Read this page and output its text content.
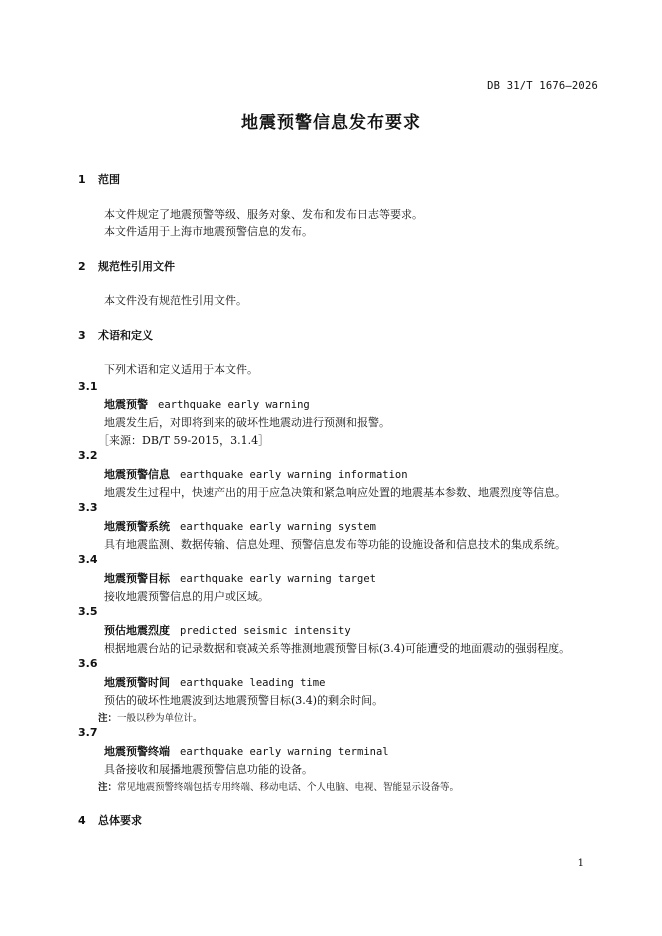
DB 31/T 1676—2026
地震预警信息发布要求
1 范围
本文件规定了地震预警等级、服务对象、发布和发布日志等要求。
本文件适用于上海市地震预警信息的发布。
2 规范性引用文件
本文件没有规范性引用文件。
3 术语和定义
下列术语和定义适用于本文件。
3.1
地震预警 earthquake early warning
地震发生后，对即将到来的破坏性地震动进行预测和报警。
［来源：DB/T 59-2015，3.1.4］
3.2
地震预警信息 earthquake early warning information
地震发生过程中，快速产出的用于应急决策和紧急响应处置的地震基本参数、地震烈度等信息。
3.3
地震预警系统 earthquake early warning system
具有地震监测、数据传输、信息处理、预警信息发布等功能的设施设备和信息技术的集成系统。
3.4
地震预警目标 earthquake early warning target
接收地震预警信息的用户或区域。
3.5
预估地震烈度 predicted seismic intensity
根据地震台站的记录数据和衰减关系等推测地震预警目标(3.4)可能遭受的地面震动的强弱程度。
3.6
地震预警时间 earthquake leading time
预估的破坏性地震波到达地震预警目标(3.4)的剩余时间。
注：一般以秒为单位计。
3.7
地震预警终端 earthquake early warning terminal
具备接收和展播地震预警信息功能的设备。
注：常见地震预警终端包括专用终端、移动电话、个人电脑、电视、智能显示设备等。
4 总体要求
1
